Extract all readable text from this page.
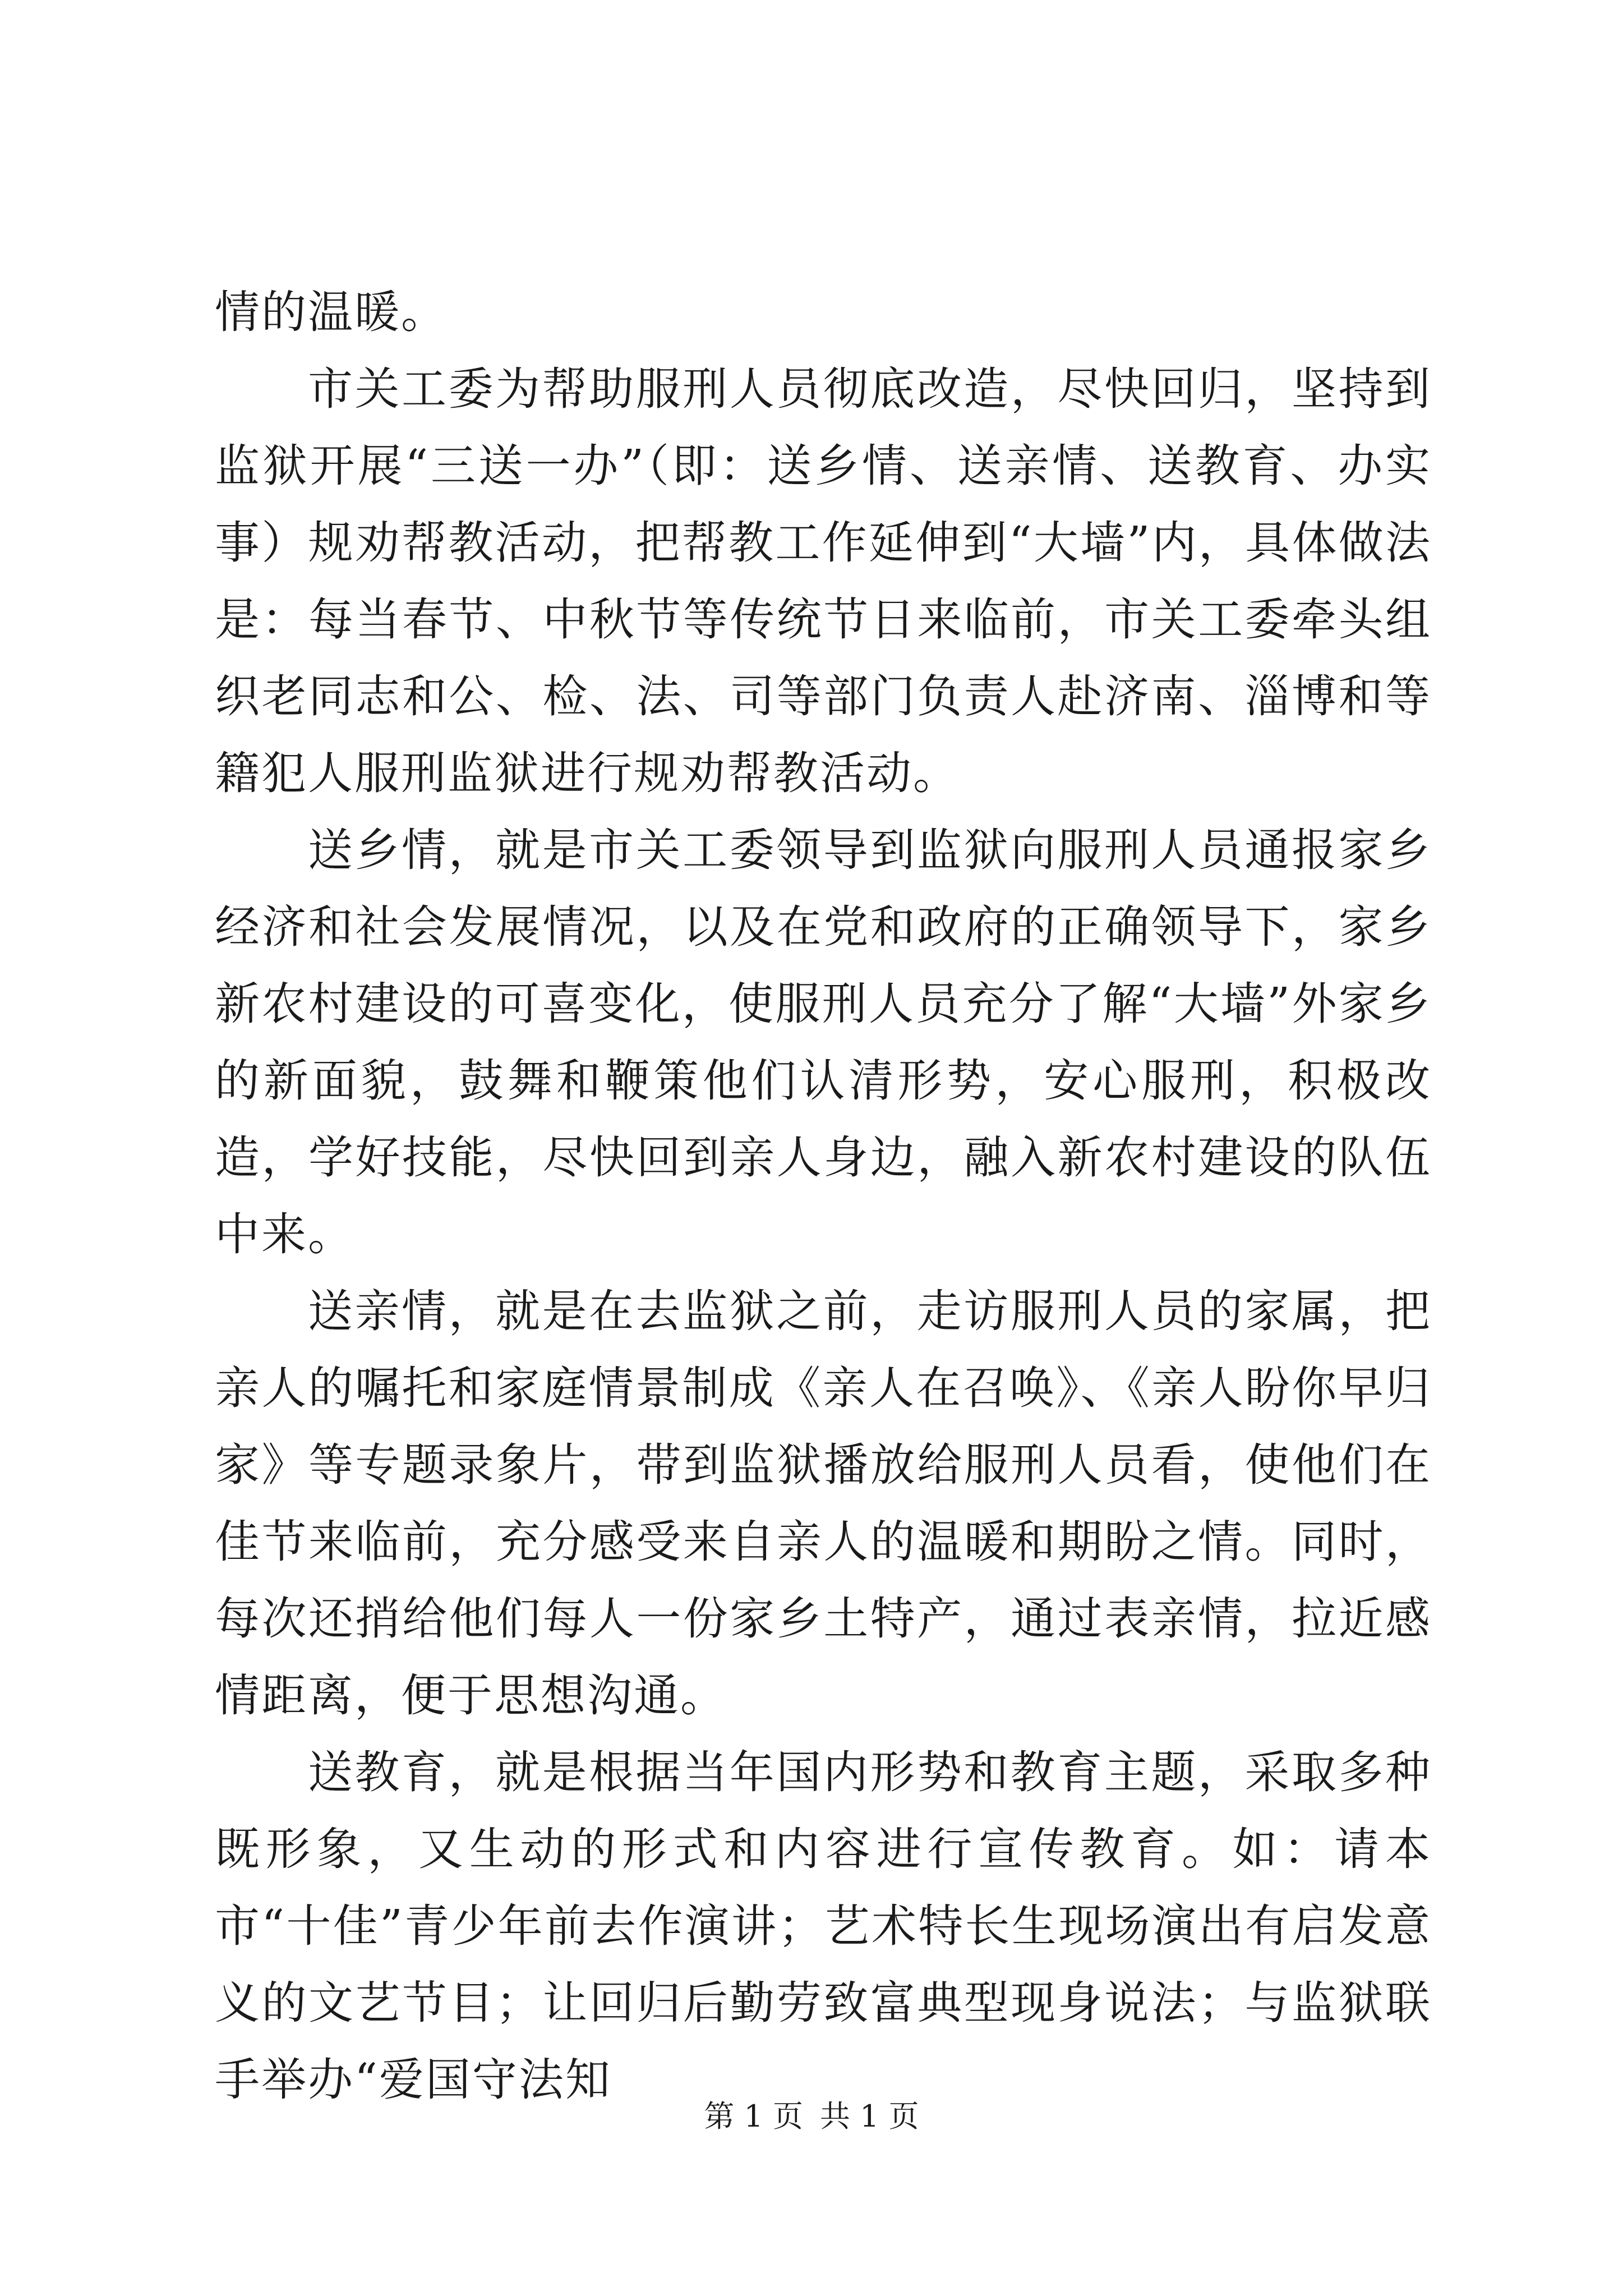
情的温暖。

市关工委为帮助服刑人员彻底改造，尽快回归，坚持到监狱开展“三送一办”（即：送乡情、送亲情、送教育、办实事）规劝帮教活动，把帮教工作延伸到“大墙”内，具体做法是：每当春节、中秋节等传统节日来临前，市关工委牵头组织老同志和公、检、法、司等部门负责人赴济南、淄博和等籍犯人服刑监狱进行规劝帮教活动。

送乡情，就是市关工委领导到监狱向服刑人员通报家乡经济和社会发展情况，以及在党和政府的正确领导下，家乡新农村建设的可喜变化，使服刑人员充分了解“大墙”外家乡的新面貌，鼓舞和鞭策他们认清形势，安心服刑，积极改造，学好技能，尽快回到亲人身边，融入新农村建设的队伍中来。

送亲情，就是在去监狱之前，走访服刑人员的家属，把亲人的嘱托和家庭情景制成《亲人在召唤》、《亲人盼你早归家》等专题录象片，带到监狱播放给服刑人员看，使他们在佳节来临前，充分感受来自亲人的温暖和期盼之情。同时，每次还捎给他们每人一份家乡土特产，通过表亲情，拉近感情距离，便于思想沟通。

送教育，就是根据当年国内形势和教育主题，采取多种既形象，又生动的形式和内容进行宣传教育。如：请本市“十佳”青少年前去作演讲；艺术特长生现场演出有启发意义的文艺节目；让回归后勤劳致富典型现身说法；与监狱联手举办“爱国守法知

第 1 页 共 1 页
